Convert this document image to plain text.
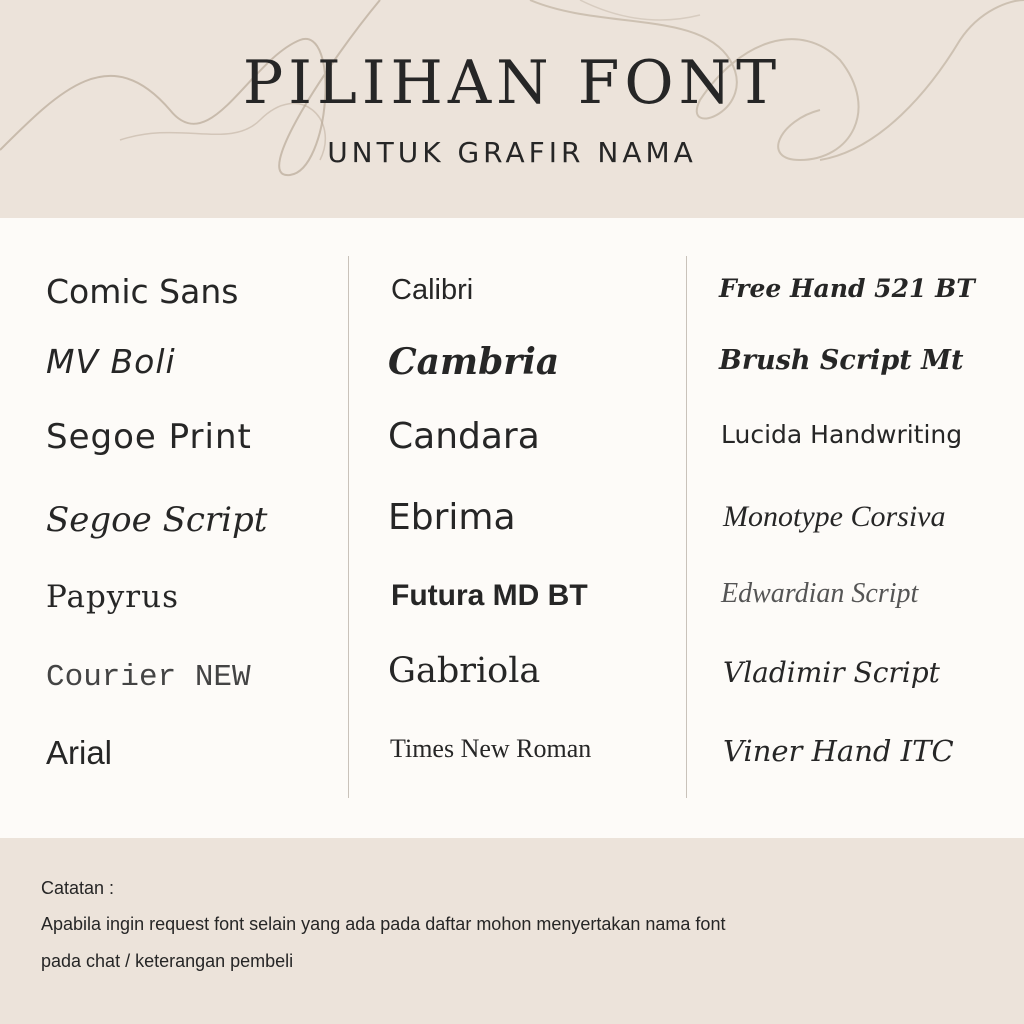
PILIHAN FONT
UNTUK GRAFIR NAMA
Comic Sans
MV Boli
Segoe Print
Segoe Script
Papyrus
Courier NEW
Arial
Calibri
Cambria
Candara
Ebrima
Futura MD BT
Gabriola
Times New Roman
Free Hand 521 BT
Brush Script Mt
Lucida Handwriting
Monotype Corsiva
Edwardian Script
Vladimir Script
Viner Hand ITC
Catatan :
Apabila ingin request font selain yang ada pada daftar mohon menyertakan nama font
pada chat / keterangan pembeli
